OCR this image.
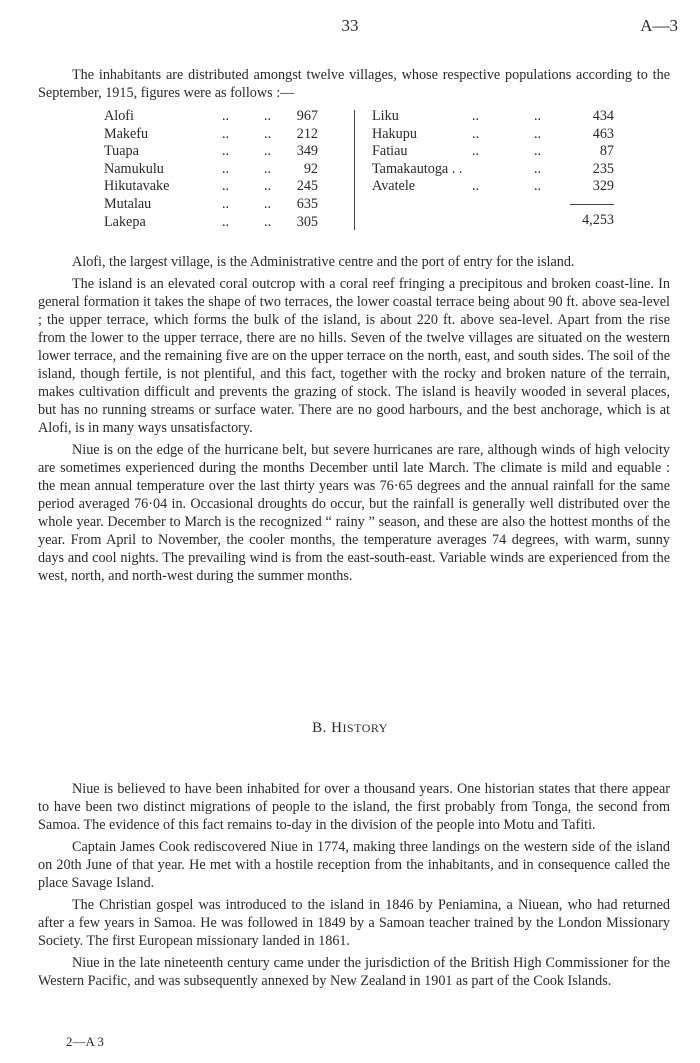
33	A—3

The inhabitants are distributed amongst twelve villages, whose respective populations according to the September, 1915, figures were as follows :—

Alofi	.. ..	967
Makefu	.. ..	212
Tuapa	.. ..	349
Namukulu	.. ..	92
Hikutavake	.. ..	245
Mutalau	.. ..	635
Lakepa	.. ..	305
Liku	..	..	434
Hakupu	..	..	463
Fatiau	..	..	87
Tamakautoga . .	..	235
Avatele	..	..	329
4,253

Alofi, the largest village, is the Administrative centre and the port of entry for the island.

The island is an elevated coral outcrop with a coral reef fringing a precipitous and broken coast-line. In general formation it takes the shape of two terraces, the lower coastal terrace being about 90 ft. above sea-level ; the upper terrace, which forms the bulk of the island, is about 220 ft. above sea-level. Apart from the rise from the lower to the upper terrace, there are no hills. Seven of the twelve villages are situated on the western lower terrace, and the remaining five are on the upper terrace on the north, east, and south sides. The soil of the island, though fertile, is not plentiful, and this fact, together with the rocky and broken nature of the terrain, makes cultivation difficult and prevents the grazing of stock. The island is heavily wooded in several places, but has no running streams or surface water. There are no good harbours, and the best anchorage, which is at Alofi, is in many ways unsatisfactory.

Niue is on the edge of the hurricane belt, but severe hurricanes are rare, although winds of high velocity are sometimes experienced during the months December until late March. The climate is mild and equable : the mean annual temperature over the last thirty years was 76·65 degrees and the annual rainfall for the same period averaged 76·04 in. Occasional droughts do occur, but the rainfall is generally well distributed over the whole year. December to March is the recognized “ rainy ” season, and these are also the hottest months of the year. From April to November, the cooler months, the temperature averages 74 degrees, with warm, sunny days and cool nights. The prevailing wind is from the east-south-east. Variable winds are experienced from the west, north, and north-west during the summer months.

B. HISTORY

Niue is believed to have been inhabited for over a thousand years. One historian states that there appear to have been two distinct migrations of people to the island, the first probably from Tonga, the second from Samoa. The evidence of this fact remains to-day in the division of the people into Motu and Tafiti.

Captain James Cook rediscovered Niue in 1774, making three landings on the western side of the island on 20th June of that year. He met with a hostile reception from the inhabitants, and in consequence called the place Savage Island.

The Christian gospel was introduced to the island in 1846 by Peniamina, a Niuean, who had returned after a few years in Samoa. He was followed in 1849 by a Samoan teacher trained by the London Missionary Society. The first European missionary landed in 1861.

Niue in the late nineteenth century came under the jurisdiction of the British High Commissioner for the Western Pacific, and was subsequently annexed by New Zealand in 1901 as part of the Cook Islands.

2—A 3
